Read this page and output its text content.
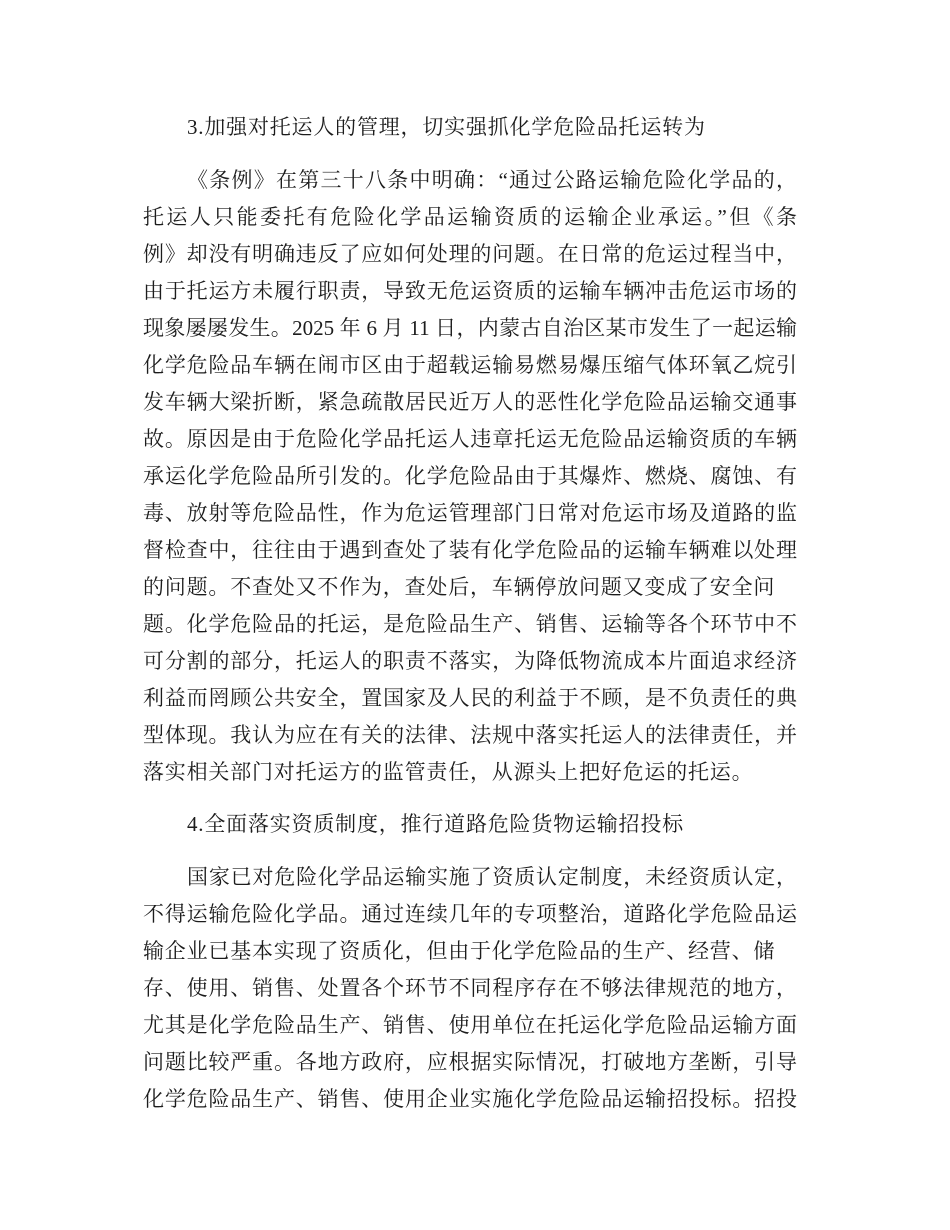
3.加强对托运人的管理，切实强抓化学危险品托运转为
《条例》在第三十八条中明确：“通过公路运输危险化学品的，
托运人只能委托有危险化学品运输资质的运输企业承运。”但《条
例》却没有明确违反了应如何处理的问题。在日常的危运过程当中，
由于托运方未履行职责，导致无危运资质的运输车辆冲击危运市场的
现象屡屡发生。2025 年 6 月 11 日，内蒙古自治区某市发生了一起运输
化学危险品车辆在闹市区由于超载运输易燃易爆压缩气体环氧乙烷引
发车辆大梁折断，紧急疏散居民近万人的恶性化学危险品运输交通事
故。原因是由于危险化学品托运人违章托运无危险品运输资质的车辆
承运化学危险品所引发的。化学危险品由于其爆炸、燃烧、腐蚀、有
毒、放射等危险品性，作为危运管理部门日常对危运市场及道路的监
督检查中，往往由于遇到查处了装有化学危险品的运输车辆难以处理
的问题。不查处又不作为，查处后，车辆停放问题又变成了安全问
题。化学危险品的托运，是危险品生产、销售、运输等各个环节中不
可分割的部分，托运人的职责不落实，为降低物流成本片面追求经济
利益而罔顾公共安全，置国家及人民的利益于不顾，是不负责任的典
型体现。我认为应在有关的法律、法规中落实托运人的法律责任，并
落实相关部门对托运方的监管责任，从源头上把好危运的托运。
4.全面落实资质制度，推行道路危险货物运输招投标
国家已对危险化学品运输实施了资质认定制度，未经资质认定，
不得运输危险化学品。通过连续几年的专项整治，道路化学危险品运
输企业已基本实现了资质化，但由于化学危险品的生产、经营、储
存、使用、销售、处置各个环节不同程序存在不够法律规范的地方，
尤其是化学危险品生产、销售、使用单位在托运化学危险品运输方面
问题比较严重。各地方政府，应根据实际情况，打破地方垄断，引导
化学危险品生产、销售、使用企业实施化学危险品运输招投标。招投
